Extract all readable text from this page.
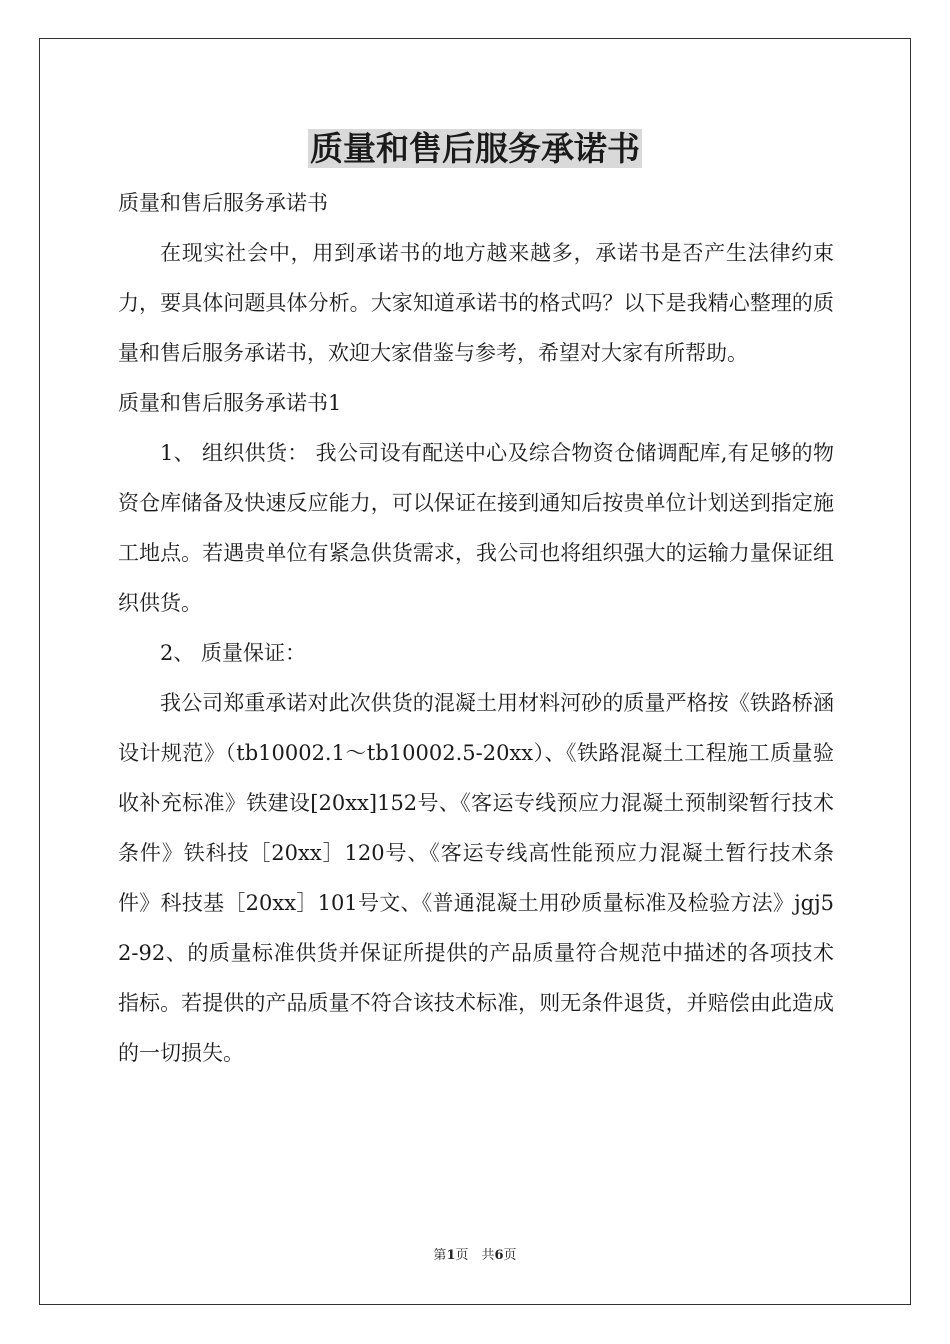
质量和售后服务承诺书

质量和售后服务承诺书

在现实社会中，用到承诺书的地方越来越多，承诺书是否产生法律约束力，要具体问题具体分析。大家知道承诺书的格式吗？以下是我精心整理的质量和售后服务承诺书，欢迎大家借鉴与参考，希望对大家有所帮助。

质量和售后服务承诺书1

1、 组织供货： 我公司设有配送中心及综合物资仓储调配库,有足够的物资仓库储备及快速反应能力，可以保证在接到通知后按贵单位计划送到指定施工地点。若遇贵单位有紧急供货需求，我公司也将组织强大的运输力量保证组织供货。

2、 质量保证：

我公司郑重承诺对此次供货的混凝土用材料河砂的质量严格按《铁路桥涵设计规范》（tb10002.1～tb10002.5-20xx）、《铁路混凝土工程施工质量验收补充标准》铁建设[20xx]152号、《客运专线预应力混凝土预制梁暂行技术条件》铁科技［20xx］120号、《客运专线高性能预应力混凝土暂行技术条件》科技基［20xx］101号文、《普通混凝土用砂质量标准及检验方法》jgj52-92、的质量标准供货并保证所提供的产品质量符合规范中描述的各项技术指标。若提供的产品质量不符合该技术标准，则无条件退货，并赔偿由此造成的一切损失。

第1页　共6页
